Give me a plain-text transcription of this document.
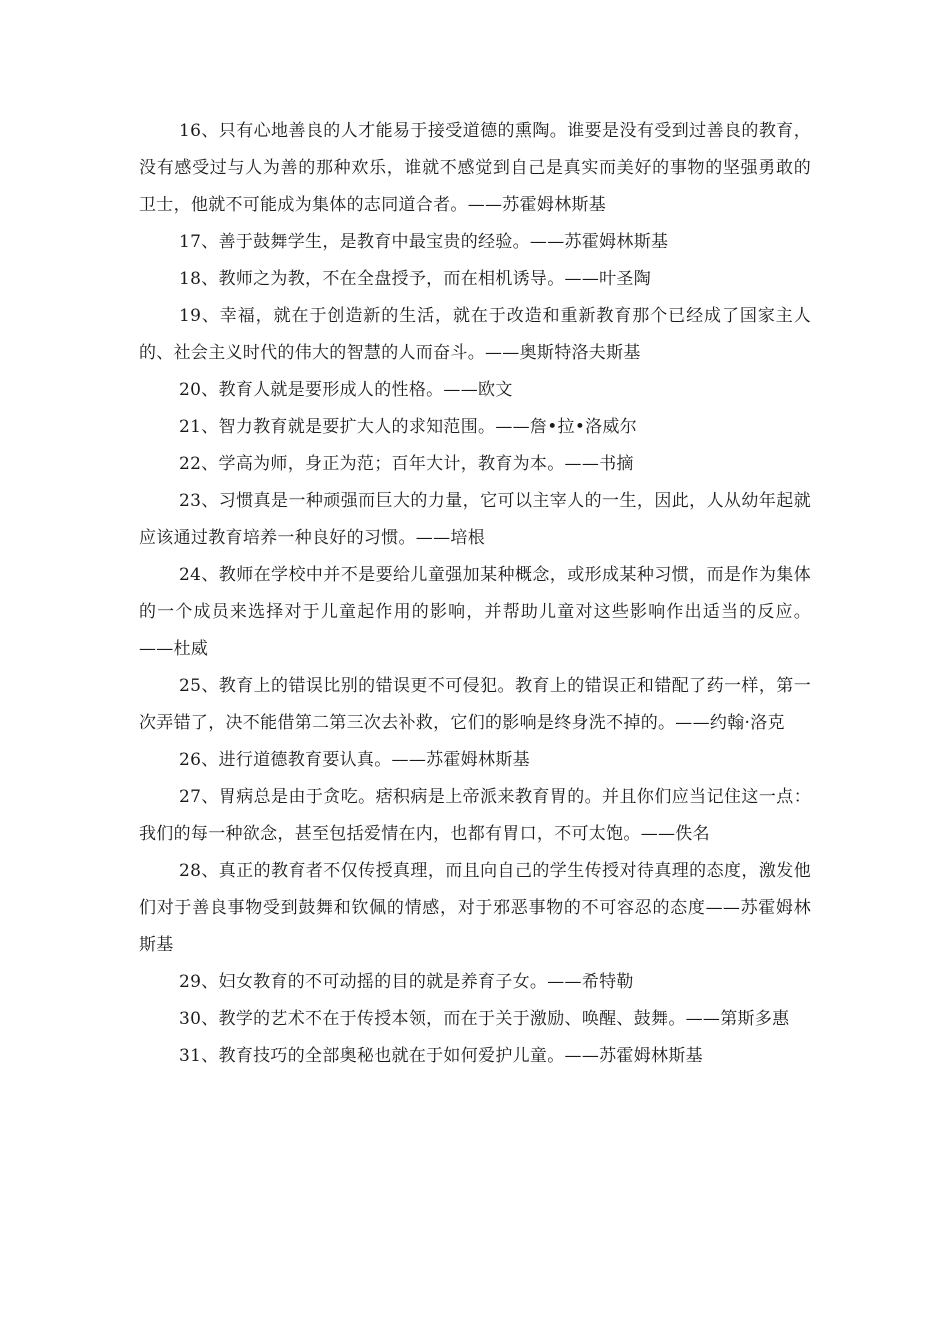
16、只有心地善良的人才能易于接受道德的熏陶。谁要是没有受到过善良的教育，没有感受过与人为善的那种欢乐，谁就不感觉到自己是真实而美好的事物的坚强勇敢的卫士，他就不可能成为集体的志同道合者。——苏霍姆林斯基

17、善于鼓舞学生，是教育中最宝贵的经验。——苏霍姆林斯基

18、教师之为教，不在全盘授予，而在相机诱导。——叶圣陶

19、幸福，就在于创造新的生活，就在于改造和重新教育那个已经成了国家主人的、社会主义时代的伟大的智慧的人而奋斗。——奥斯特洛夫斯基

20、教育人就是要形成人的性格。——欧文

21、智力教育就是要扩大人的求知范围。——詹•拉•洛威尔

22、学高为师，身正为范；百年大计，教育为本。——书摘

23、习惯真是一种顽强而巨大的力量，它可以主宰人的一生，因此，人从幼年起就应该通过教育培养一种良好的习惯。——培根

24、教师在学校中并不是要给儿童强加某种概念，或形成某种习惯，而是作为集体的一个成员来选择对于儿童起作用的影响，并帮助儿童对这些影响作出适当的反应。——杜威

25、教育上的错误比别的错误更不可侵犯。教育上的错误正和错配了药一样，第一次弄错了，决不能借第二第三次去补救，它们的影响是终身洗不掉的。——约翰·洛克

26、进行道德教育要认真。——苏霍姆林斯基

27、胃病总是由于贪吃。痞积病是上帝派来教育胃的。并且你们应当记住这一点：我们的每一种欲念，甚至包括爱情在内，也都有胃口，不可太饱。——佚名

28、真正的教育者不仅传授真理，而且向自己的学生传授对待真理的态度，激发他们对于善良事物受到鼓舞和钦佩的情感，对于邪恶事物的不可容忍的态度——苏霍姆林斯基

29、妇女教育的不可动摇的目的就是养育子女。——希特勒

30、教学的艺术不在于传授本领，而在于关于激励、唤醒、鼓舞。——第斯多惠

31、教育技巧的全部奥秘也就在于如何爱护儿童。——苏霍姆林斯基
